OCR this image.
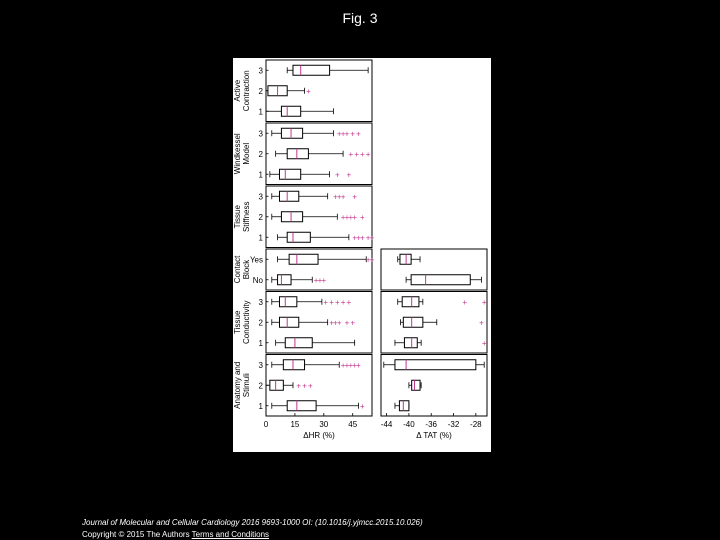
Fig. 3
Active Contraction 3
2	+
1
Windkessel Model
3	+ + + + +
2	+ + + +
1	+ +
Tissue Stiffness
3	+ + + +
2	+ + + + +
1	+ + + + +
Contact Block
Yes	+ +
No	+ + +
Tissue Conductivity 3	+ + + + +	+ +
2	+ + + + +	+
1	+
Anatomy and Stimuli
3	+ + + + +
2	+ + +
1	+
0	15	30	45	-44 -40 -36 -32 -28
ΔHR (%)	Δ TAT (%)
Journal of Molecular and Cellular Cardiology 2016 9693-1000 OI: (10.1016/j.yjmcc.2015.10.026)
Copyright © 2015 The Authors Terms and Conditions
